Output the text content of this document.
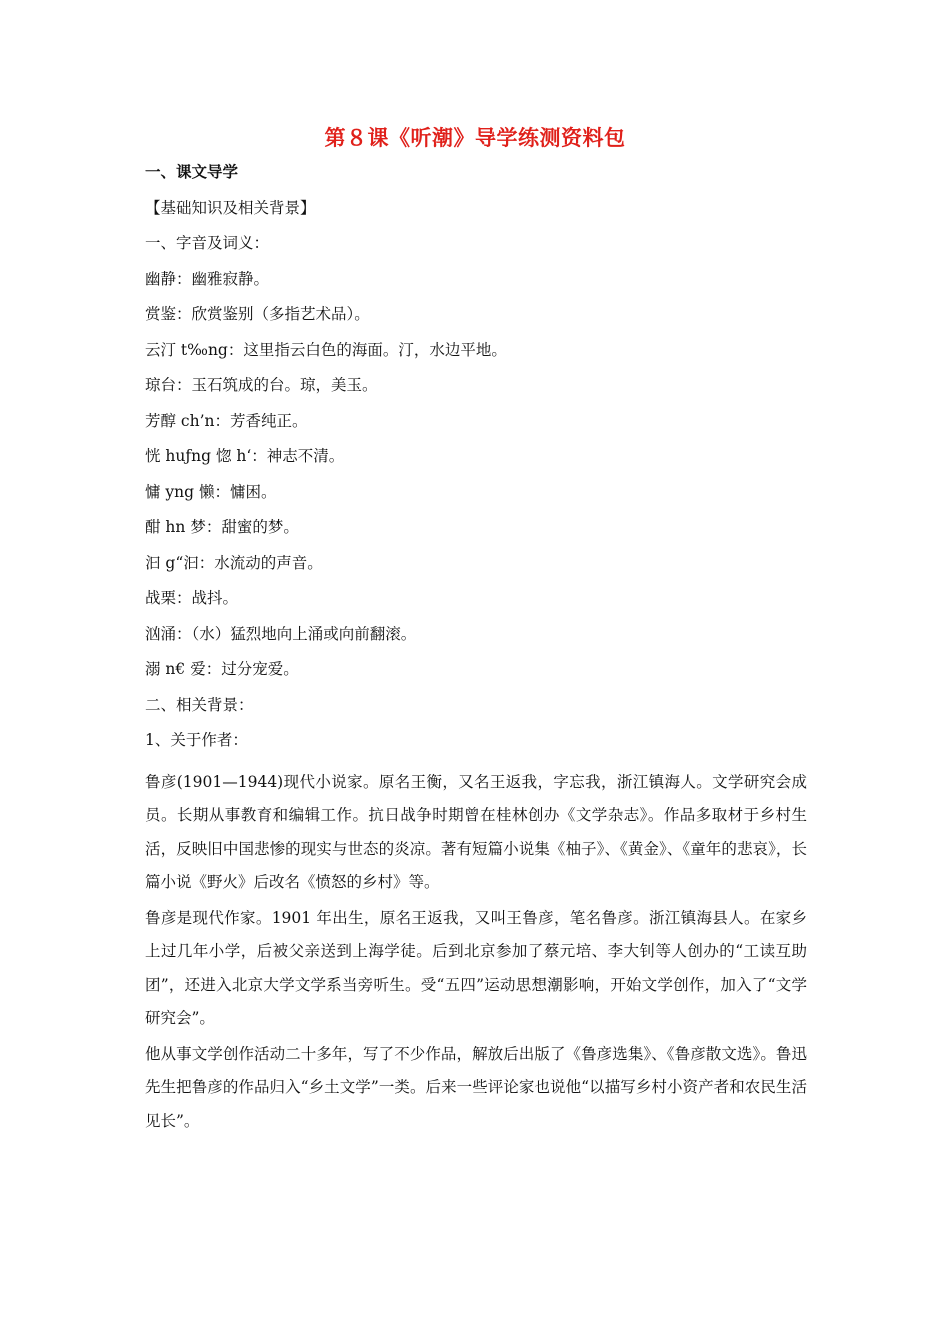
第８课《听潮》导学练测资料包
一、课文导学
【基础知识及相关背景】
一、字音及词义：
幽静：幽雅寂静。
赏鉴：欣赏鉴别（多指艺术品）。
云汀 t‰ng：这里指云白色的海面。汀，水边平地。
琼台：玉石筑成的台。琼，美玉。
芳醇 ch’n：芳香纯正。
恍 huƒng 惚 h‘：神志不清。
慵 yng 懒：慵困。
酣 h​n 梦：甜蜜的梦。
汩 g“汩：水流动的声音。
战栗：战抖。
汹涌：（水）猛烈地向上涌或向前翻滚。
溺 n€ 爱：过分宠爱。
二、相关背景：
1、关于作者：
鲁彦(1901—1944)现代小说家。原名王衡，又名王返我，字忘我，浙江镇海人。文学研究会成员。长期从事教育和编辑工作。抗日战争时期曾在桂林创办《文学杂志》。作品多取材于乡村生活，反映旧中国悲惨的现实与世态的炎凉。著有短篇小说集《柚子》、《黄金》、《童年的悲哀》，长篇小说《野火》后改名《愤怒的乡村》等。
鲁彦是现代作家。1901 年出生，原名王返我，又叫王鲁彦，笔名鲁彦。浙江镇海县人。在家乡上过几年小学，后被父亲送到上海学徒。后到北京参加了蔡元培、李大钊等人创办的“工读互助团”，还进入北京大学文学系当旁听生。受“五四”运动思想潮影响，开始文学创作，加入了“文学研究会”。
他从事文学创作活动二十多年，写了不少作品，解放后出版了《鲁彦选集》、《鲁彦散文选》。鲁迅先生把鲁彦的作品归入“乡土文学”一类。后来一些评论家也说他“以描写乡村小资产者和农民生活见长”。
